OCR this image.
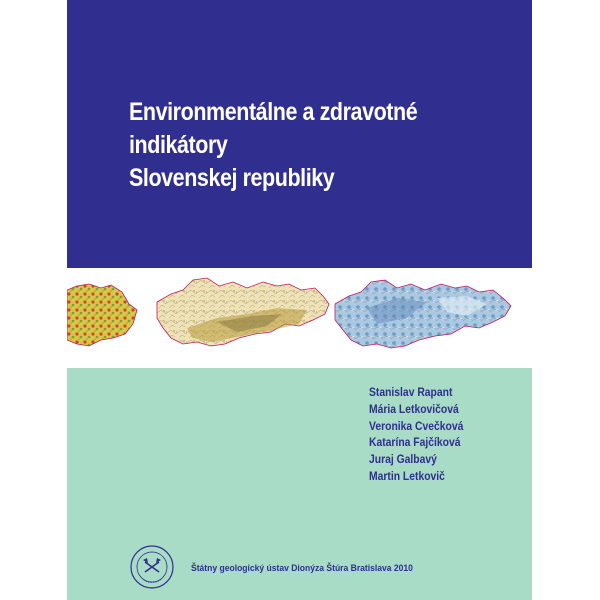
Environmentálne a zdravotné
indikátory
Slovenskej republiky
Stanislav Rapant
Mária Letkovičová
Veronika Cvečková
Katarína Fajčíková
Juraj Galbavý
Martin Letkovič
Štátny geologický ústav Dionýza Štúra Bratislava 2010
